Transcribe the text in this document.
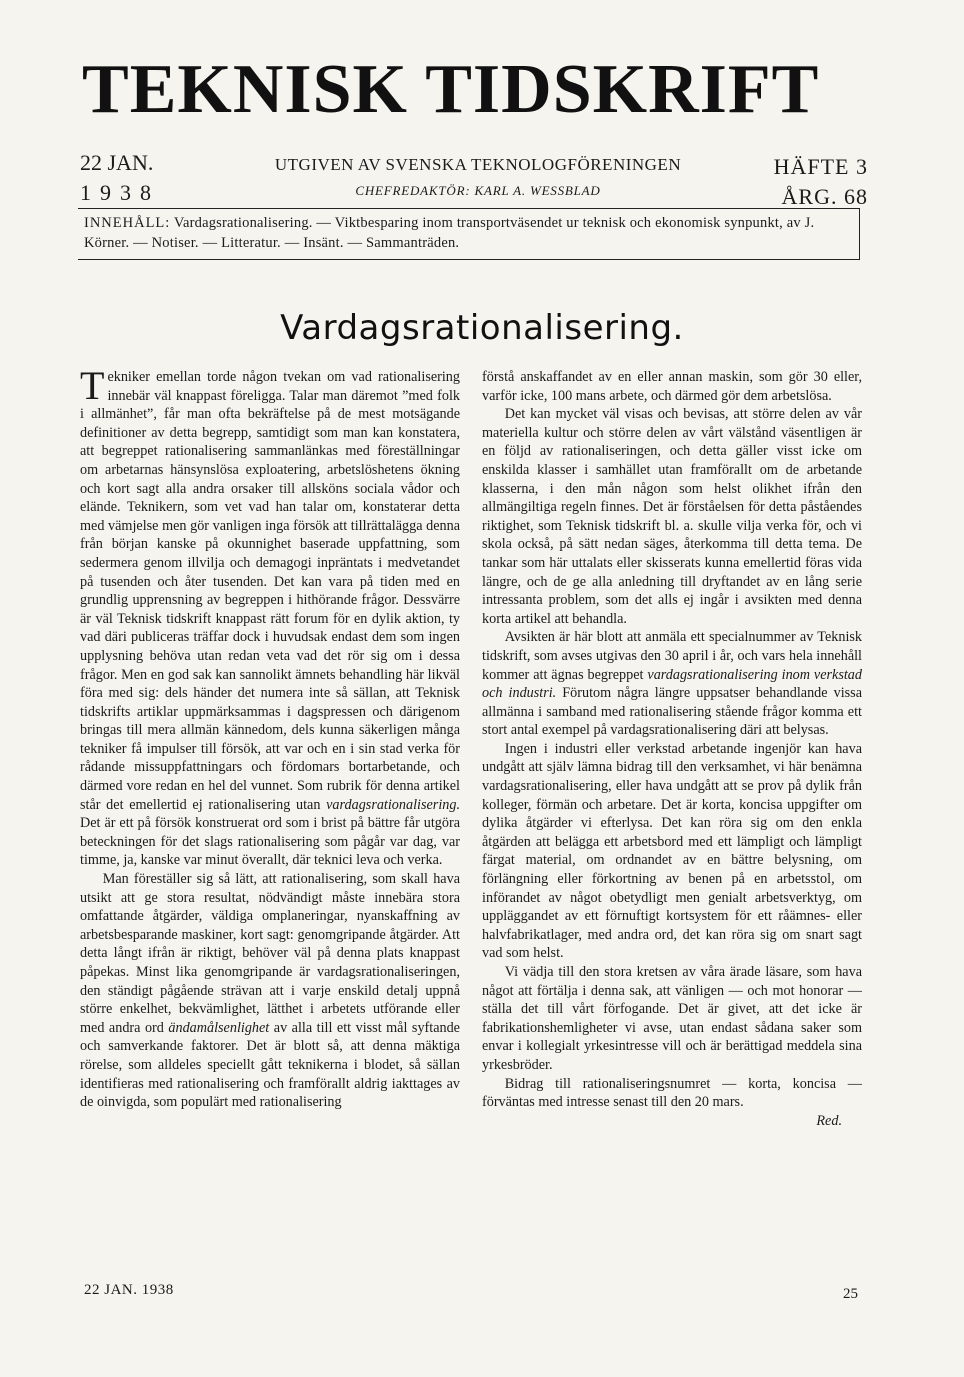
TEKNISK TIDSKRIFT
22 JAN.
1938
UTGIVEN AV SVENSKA TEKNOLOGFÖRENINGEN
CHEFREDAKTÖR: KARL A. WESSBLAD
HÄFTE 3
ÅRG. 68
INNEHÅLL: Vardagsrationalisering. — Viktbesparing inom transportväsendet ur teknisk och ekonomisk synpunkt, av J. Körner. — Notiser. — Litteratur. — Insänt. — Sammanträden.
Vardagsrationalisering.

Tekniker emellan torde någon tvekan om vad rationalisering innebär väl knappast föreligga. Talar man däremot ”med folk i allmänhet”, får man ofta bekräftelse på de mest motsägande definitioner av detta begrepp, samtidigt som man kan konstatera, att begreppet rationalisering sammanlänkas med föreställningar om arbetarnas hänsynslösa exploatering, arbetslöshetens ökning och kort sagt alla andra orsaker till allsköns sociala vådor och elände. Teknikern, som vet vad han talar om, konstaterar detta med vämjelse men gör vanligen inga försök att tillrättalägga denna från början kanske på okunnighet baserade uppfattning, som sedermera genom illvilja och demagogi inpräntats i medvetandet på tusenden och åter tusenden. Det kan vara på tiden med en grundlig upprensning av begreppen i hithörande frågor. Dessvärre är väl Teknisk tidskrift knappast rätt forum för en dylik aktion, ty vad däri publiceras träffar dock i huvudsak endast dem som ingen upplysning behöva utan redan veta vad det rör sig om i dessa frågor. Men en god sak kan sannolikt ämnets behandling här likväl föra med sig: dels händer det numera inte så sällan, att Teknisk tidskrifts artiklar uppmärksammas i dagspressen och därigenom bringas till mera allmän kännedom, dels kunna säkerligen många tekniker få impulser till försök, att var och en i sin stad verka för rådande missuppfattningars och fördomars bortarbetande, och därmed vore redan en hel del vunnet. Som rubrik för denna artikel står det emellertid ej rationalisering utan vardagsrationalisering. Det är ett på försök konstruerat ord som i brist på bättre får utgöra beteckningen för det slags rationalisering som pågår var dag, var timme, ja, kanske var minut överallt, där teknici leva och verka.

Man föreställer sig så lätt, att rationalisering, som skall hava utsikt att ge stora resultat, nödvändigt måste innebära stora omfattande åtgärder, väldiga omplaneringar, nyanskaffning av arbetsbesparande maskiner, kort sagt: genomgripande åtgärder. Att detta långt ifrån är riktigt, behöver väl på denna plats knappast påpekas. Minst lika genomgripande är vardagsrationaliseringen, den ständigt pågående strävan att i varje enskild detalj uppnå större enkelhet, bekvämlighet, lätthet i arbetets utförande eller med andra ord ändamålsenlighet av alla till ett visst mål syftande och samverkande faktorer. Det är blott så, att denna mäktiga rörelse, som alldeles speciellt gått teknikerna i blodet, så sällan identifieras med rationalisering och framförallt aldrig iakttages av de oinvigda, som populärt med rationalisering

förstå anskaffandet av en eller annan maskin, som gör 30 eller, varför icke, 100 mans arbete, och därmed gör dem arbetslösa.

Det kan mycket väl visas och bevisas, att större delen av vår materiella kultur och större delen av vårt välstånd väsentligen är en följd av rationaliseringen, och detta gäller visst icke om enskilda klasser i samhället utan framförallt om de arbetande klasserna, i den mån någon som helst olikhet ifrån den allmängiltiga regeln finnes. Det är förståelsen för detta påståendes riktighet, som Teknisk tidskrift bl. a. skulle vilja verka för, och vi skola också, på sätt nedan säges, återkomma till detta tema. De tankar som här uttalats eller skisserats kunna emellertid föras vida längre, och de ge alla anledning till dryftandet av en lång serie intressanta problem, som det alls ej ingår i avsikten med denna korta artikel att behandla.

Avsikten är här blott att anmäla ett specialnummer av Teknisk tidskrift, som avses utgivas den 30 april i år, och vars hela innehåll kommer att ägnas begreppet vardagsrationalisering inom verkstad och industri. Förutom några längre uppsatser behandlande vissa allmänna i samband med rationalisering stående frågor komma ett stort antal exempel på vardagsrationalisering däri att belysas.

Ingen i industri eller verkstad arbetande ingenjör kan hava undgått att själv lämna bidrag till den verksamhet, vi här benämna vardagsrationalisering, eller hava undgått att se prov på dylik från kolleger, förmän och arbetare. Det är korta, koncisa uppgifter om dylika åtgärder vi efterlysa. Det kan röra sig om den enkla åtgärden att belägga ett arbetsbord med ett lämpligt och lämpligt färgat material, om ordnandet av en bättre belysning, om förlängning eller förkortning av benen på en arbetsstol, om införandet av något obetydligt men genialt arbetsverktyg, om uppläggandet av ett förnuftigt kortsystem för ett råämnes- eller halvfabrikatlager, med andra ord, det kan röra sig om snart sagt vad som helst.

Vi vädja till den stora kretsen av våra ärade läsare, som hava något att förtälja i denna sak, att vänligen — och mot honorar — ställa det till vårt förfogande. Det är givet, att det icke är fabrikationshemligheter vi avse, utan endast sådana saker som envar i kollegialt yrkesintresse vill och är berättigad meddela sina yrkesbröder.

Bidrag till rationaliseringsnumret — korta, koncisa — förväntas med intresse senast till den 20 mars.

Red.
22 JAN. 1938	25
